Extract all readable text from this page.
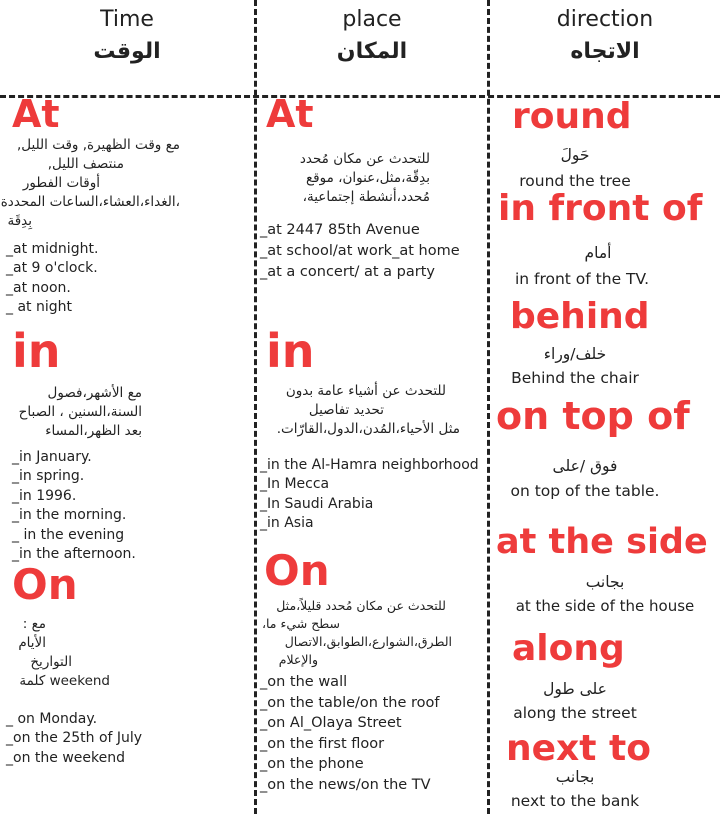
Time
الوقت
place
المكان
direction
الاتجاه
At
مع وقت الظهيرة, وقت الليل,
منتصف الليل,
أوقات الفطور
،الغداء،العشاء،الساعات المحددة
بِدِقَة
_at midnight.
_at 9 o'clock.
_at noon.
_ at night
in
مع الأشهر،فصول
السنة،السنين ، الصباح
بعد الظهر،المساء
_in January.
_in spring.
_in 1996.
_in the morning.
_ in the evening
_in the afternoon.
On
مع :
الأيام
التواريخ
weekend كلمة
_ on Monday.
_on the 25th of July
_on the weekend
At
للتحدث عن مكان مُحدد
بدِقّة،مثل،عنوان، موقع
مُحدد،أنشطة إجتماعية،
_at 2447 85th Avenue
_at school/at work_at home
_at a concert/ at a party
in
للتحدث عن أشياء عامة بدون
تحديد تفاصيل
مثل الأحياء،المُدن،الدول،القارّات.
_in the Al-Hamra neighborhood
_In Mecca
_In Saudi Arabia
_in Asia
On
للتحدث عن مكان مُحدد قليلاً،مثل
سطح شيء ما،
الطرق،الشوارع،الطوابق،الاتصال
والإعلام
_on the wall
_on the table/on the roof
_on Al_Olaya Street
_on the first floor
_on the phone
_on the news/on the TV
round
حَولَ
round the tree
in front of
أمام
in front of the TV.
behind
خلف/وراء
Behind the chair
on top of
فوق /على
on top of the table.
at the side
بجانب
at the side of the house
along
على طول
along the street
next to
بجانب
next to the bank
